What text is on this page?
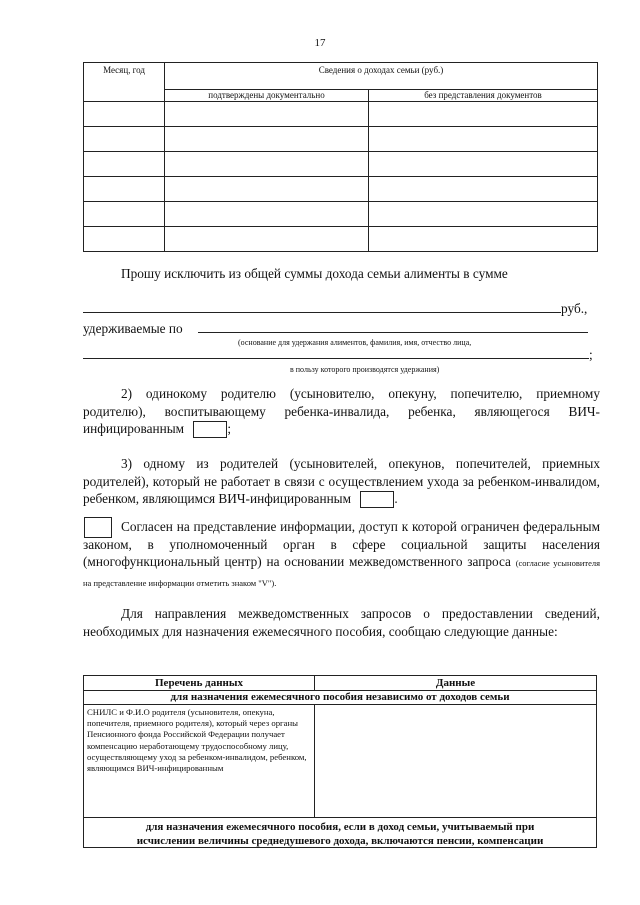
17
Месяц, год	Сведения о доходах семьи (руб.)	
	подтверждены документально	без представления документов

Прошу исключить из общей суммы дохода семьи алименты в сумме
руб.,
удерживаемые по
(основание для удержания алиментов, фамилия, имя, отчество лица,
;
в пользу которого производятся удержания)
2) одинокому родителю (усыновителю, опекуну, попечителю, приемному родителю), воспитывающему ребенка-инвалида, ребенка, являющегося ВИЧ-инфицированным	;
3) одному из родителей (усыновителей, опекунов, попечителей, приемных родителей), который не работает в связи с осуществлением ухода за ребенком-инвалидом, ребенком, являющимся ВИЧ-инфицированным	.
Согласен на представление информации, доступ к которой ограничен федеральным законом, в уполномоченный орган в сфере социальной защиты населения (многофункциональный центр) на основании межведомственного запроса (согласие усыновителя на представление информации отметить знаком "V").
Для направления межведомственных запросов о предоставлении сведений, необходимых для назначения ежемесячного пособия, сообщаю следующие данные:
Перечень данных	Данные
для назначения ежемесячного пособия независимо от доходов семьи
СНИЛС и Ф.И.О родителя (усыновителя, опекуна, попечителя, приемного родителя), который через органы Пенсионного фонда Российской Федерации получает компенсацию неработающему трудоспособному лицу, осуществляющему уход за ребенком-инвалидом, ребенком, являющимся ВИЧ-инфицированным
для назначения ежемесячного пособия, если в доход семьи, учитываемый при
исчислении величины среднедушевого дохода, включаются пенсии, компенсации
